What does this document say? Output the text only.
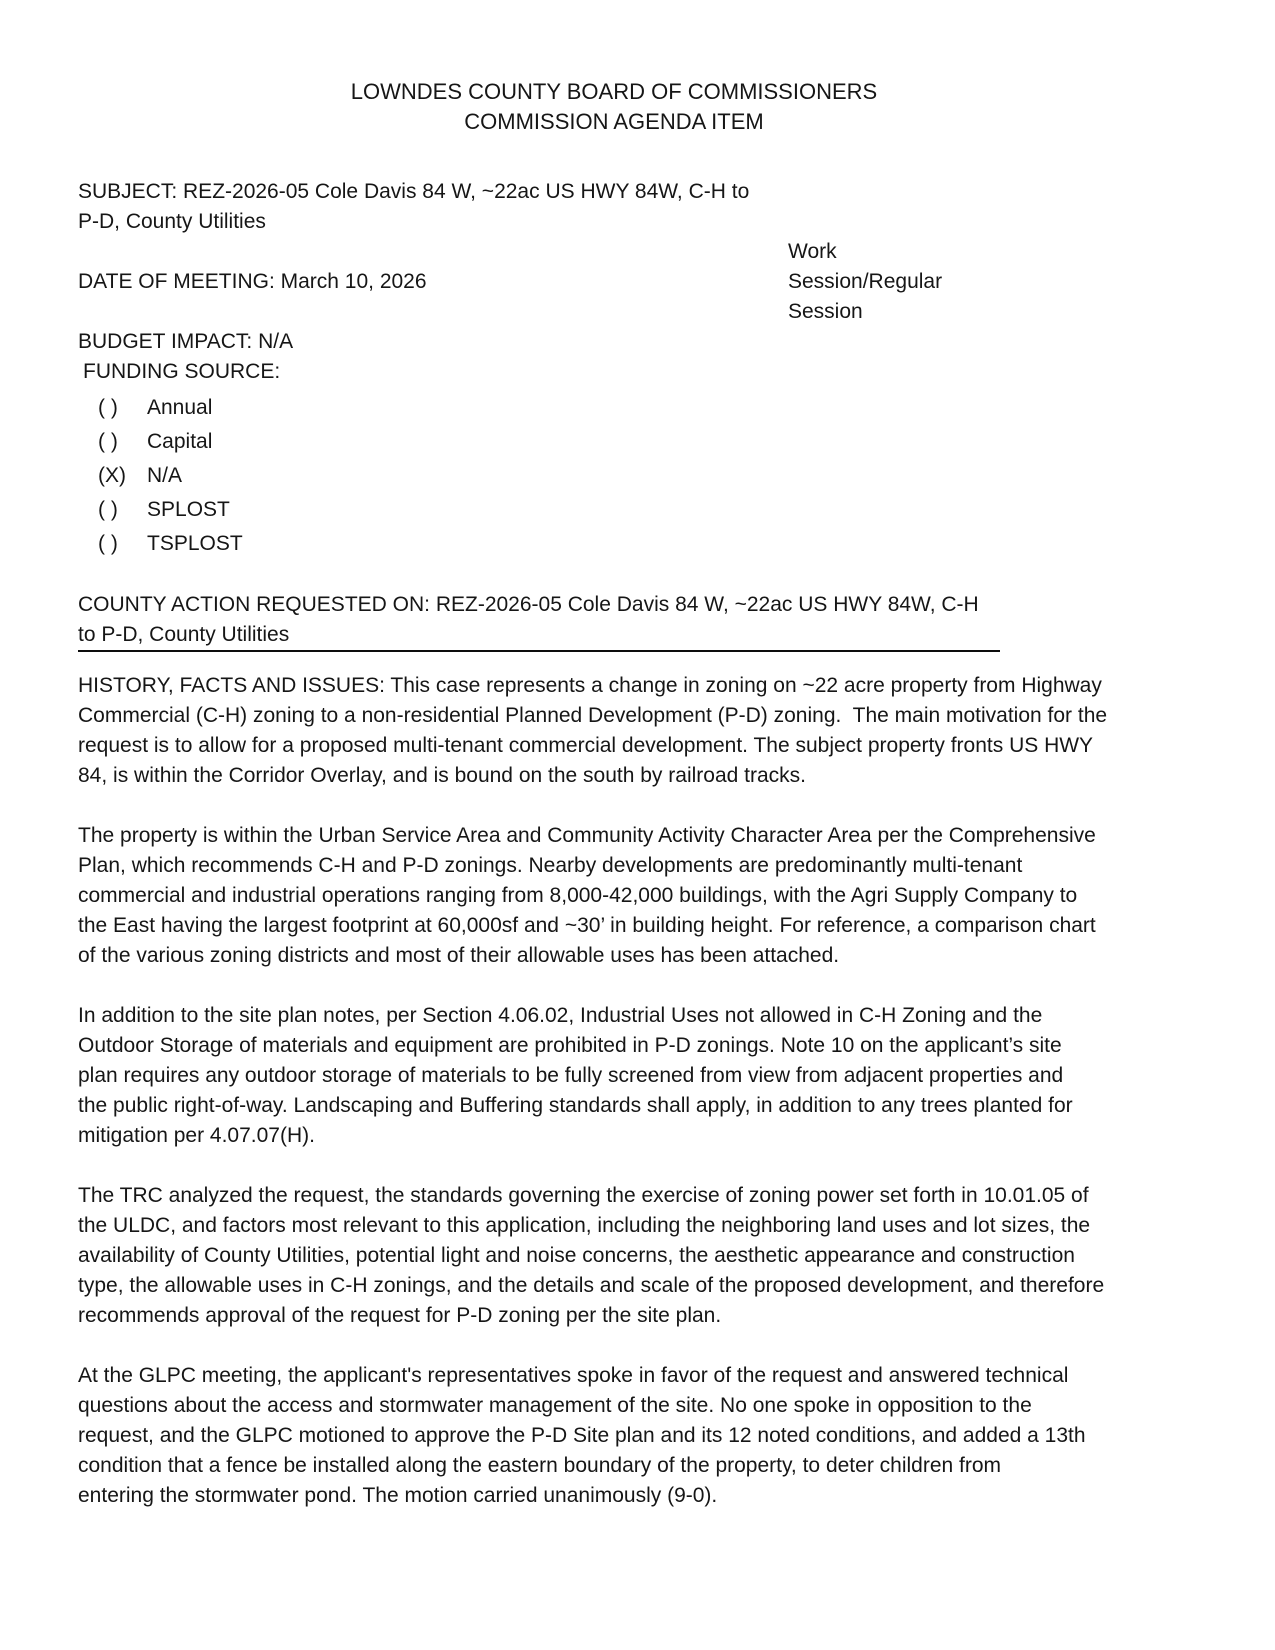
LOWNDES COUNTY BOARD OF COMMISSIONERS
COMMISSION AGENDA ITEM
SUBJECT: REZ-2026-05 Cole Davis 84 W, ~22ac US HWY 84W, C-H to
P-D, County Utilities
Work
Session/Regular
Session
DATE OF MEETING: March 10, 2026
BUDGET IMPACT: N/A
FUNDING SOURCE:
( ) Annual
( ) Capital
(X) N/A
( ) SPLOST
( ) TSPLOST
COUNTY ACTION REQUESTED ON: REZ-2026-05 Cole Davis 84 W, ~22ac US HWY 84W, C-H
to P-D, County Utilities
HISTORY, FACTS AND ISSUES: This case represents a change in zoning on ~22 acre property from Highway
Commercial (C-H) zoning to a non-residential Planned Development (P-D) zoning.  The main motivation for the
request is to allow for a proposed multi-tenant commercial development. The subject property fronts US HWY
84, is within the Corridor Overlay, and is bound on the south by railroad tracks.
The property is within the Urban Service Area and Community Activity Character Area per the Comprehensive
Plan, which recommends C-H and P-D zonings. Nearby developments are predominantly multi-tenant
commercial and industrial operations ranging from 8,000-42,000 buildings, with the Agri Supply Company to
the East having the largest footprint at 60,000sf and ~30’ in building height. For reference, a comparison chart
of the various zoning districts and most of their allowable uses has been attached.
In addition to the site plan notes, per Section 4.06.02, Industrial Uses not allowed in C-H Zoning and the
Outdoor Storage of materials and equipment are prohibited in P-D zonings. Note 10 on the applicant’s site
plan requires any outdoor storage of materials to be fully screened from view from adjacent properties and
the public right-of-way. Landscaping and Buffering standards shall apply, in addition to any trees planted for
mitigation per 4.07.07(H).
The TRC analyzed the request, the standards governing the exercise of zoning power set forth in 10.01.05 of
the ULDC, and factors most relevant to this application, including the neighboring land uses and lot sizes, the
availability of County Utilities, potential light and noise concerns, the aesthetic appearance and construction
type, the allowable uses in C-H zonings, and the details and scale of the proposed development, and therefore
recommends approval of the request for P-D zoning per the site plan.
At the GLPC meeting, the applicant's representatives spoke in favor of the request and answered technical
questions about the access and stormwater management of the site. No one spoke in opposition to the
request, and the GLPC motioned to approve the P-D Site plan and its 12 noted conditions, and added a 13th
condition that a fence be installed along the eastern boundary of the property, to deter children from
entering the stormwater pond. The motion carried unanimously (9-0).
